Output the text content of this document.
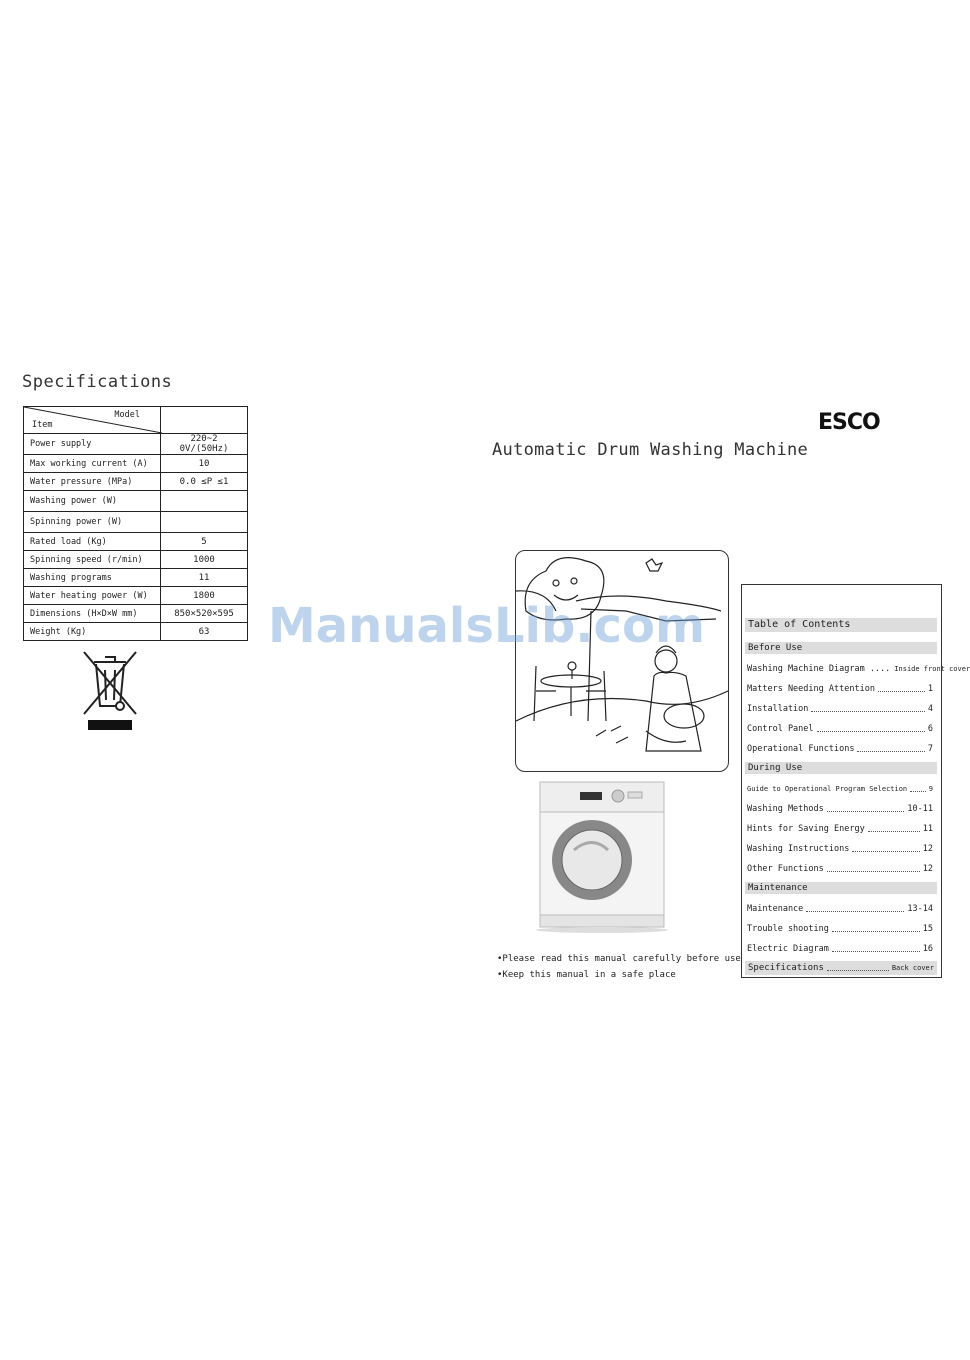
Specifications
Model
Item	

Power supply	220~2 0V/(50Hz)
Max working current (A)	10
Water pressure (MPa)	0.0 ≤P ≤1
Washing power (W)	
Spinning power (W)	
Rated load (Kg)	5
Spinning speed (r/min)	1000
Washing programs	11
Water heating power (W)	1800
Dimensions (H×D×W mm)	850×520×595
Weight (Kg)	63
ESCO
Automatic Drum Washing Machine
•Please read this manual carefully before use
•Keep this manual in a safe place
Table of Contents
Before Use
Washing Machine Diagram .... Inside front cover
Matters Needing Attention	1
Installation	4
Control Panel	6
Operational Functions	7
During Use
Guide to Operational Program Selection	9
Washing Methods	10-11
Hints for Saving Energy	11
Washing Instructions	12
Other Functions	12
Maintenance
Maintenance	13-14
Trouble shooting	15
Electric Diagram	16
Specifications	Back cover
ManualsLib.com
